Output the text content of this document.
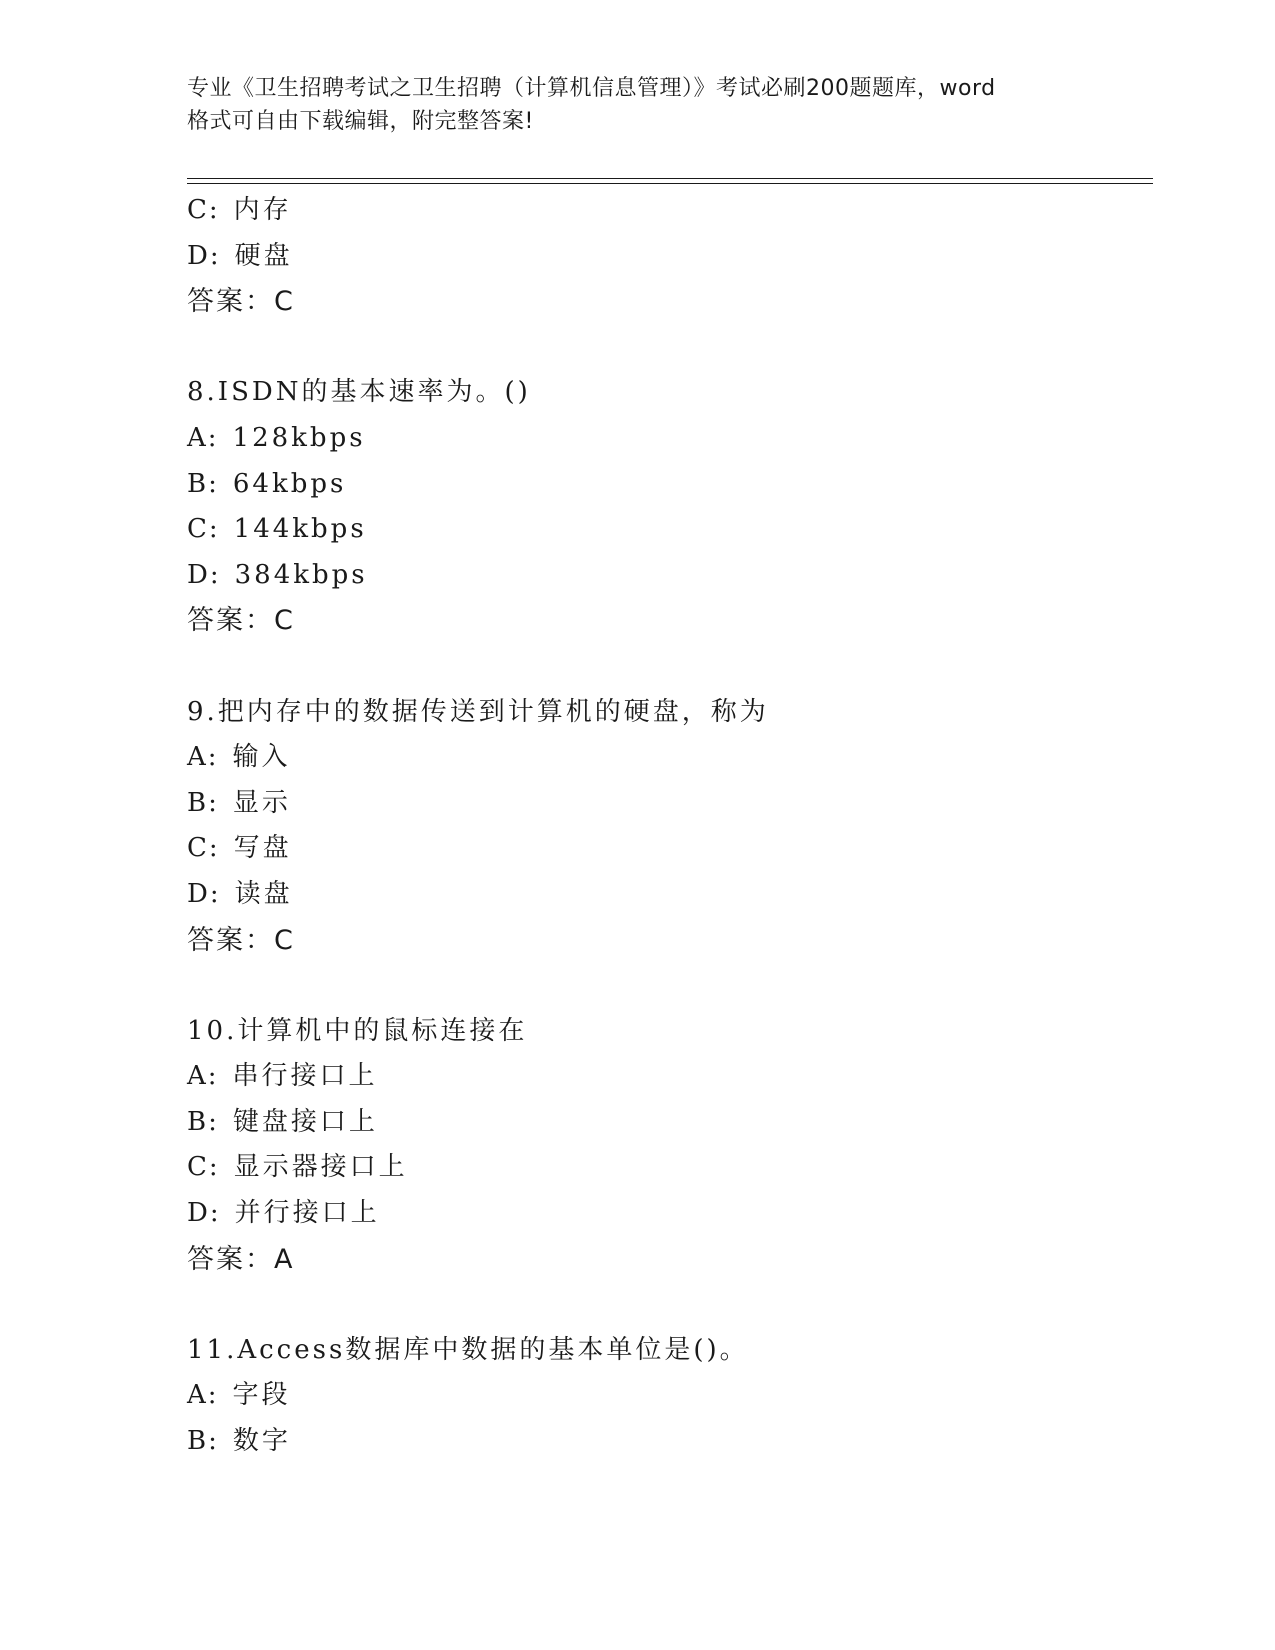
专业《卫生招聘考试之卫生招聘（计算机信息管理）》考试必刷200题题库，word
格式可自由下载编辑，附完整答案!
C: 内存
D: 硬盘
答案：C
8.ISDN的基本速率为。()
A: 128kbps
B: 64kbps
C: 144kbps
D: 384kbps
答案：C
9.把内存中的数据传送到计算机的硬盘，称为
A: 输入
B: 显示
C: 写盘
D: 读盘
答案：C
10.计算机中的鼠标连接在
A: 串行接口上
B: 键盘接口上
C: 显示器接口上
D: 并行接口上
答案：A
11.Access数据库中数据的基本单位是()。
A: 字段
B: 数字
